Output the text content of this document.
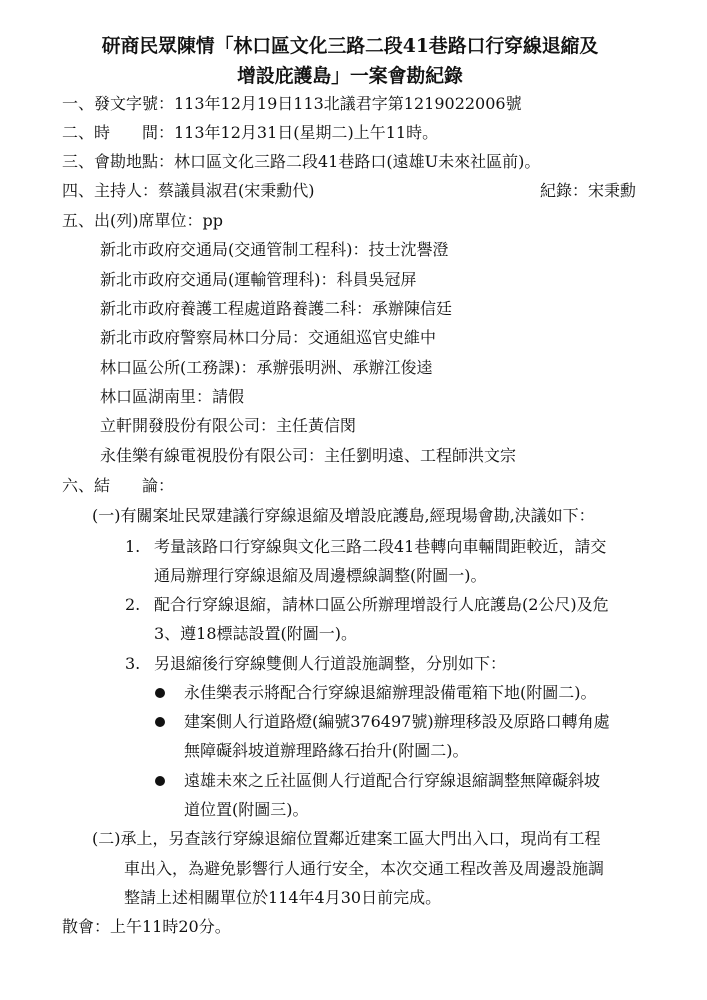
研商民眾陳情「林口區文化三路二段41巷路口行穿線退縮及
增設庇護島」一案會勘紀錄
一、發文字號：113年12月19日113北議君字第1219022006號
二、時　　間：113年12月31日(星期二)上午11時。
三、會勘地點：林口區文化三路二段41巷路口(遠雄U未來社區前)。
四、主持人：蔡議員淑君(宋秉勳代)	紀錄：宋秉勳
五、出(列)席單位：pp
新北市政府交通局(交通管制工程科)：技士沈譽澄
新北市政府交通局(運輸管理科)：科員吳冠屏
新北市政府養護工程處道路養護二科：承辦陳信廷
新北市政府警察局林口分局：交通組巡官史維中
林口區公所(工務課)：承辦張明洲、承辦江俊逵
林口區湖南里：請假
立軒開發股份有限公司：主任黃信閔
永佳樂有線電視股份有限公司：主任劉明遠、工程師洪文宗
六、結　　論：
(一)有關案址民眾建議行穿線退縮及增設庇護島,經現場會勘,決議如下：
1. 考量該路口行穿線與文化三路二段41巷轉向車輛間距較近，請交
通局辦理行穿線退縮及周邊標線調整(附圖一)。
2. 配合行穿線退縮，請林口區公所辦理增設行人庇護島(2公尺)及危
3、遵18標誌設置(附圖一)。
3. 另退縮後行穿線雙側人行道設施調整，分別如下：
永佳樂表示將配合行穿線退縮辦理設備電箱下地(附圖二)。
建案側人行道路燈(編號376497號)辦理移設及原路口轉角處
無障礙斜坡道辦理路緣石抬升(附圖二)。
遠雄未來之丘社區側人行道配合行穿線退縮調整無障礙斜坡
道位置(附圖三)。
(二)承上，另查該行穿線退縮位置鄰近建案工區大門出入口，現尚有工程
車出入，為避免影響行人通行安全，本次交通工程改善及周邊設施調
整請上述相關單位於114年4月30日前完成。
散會：上午11時20分。
